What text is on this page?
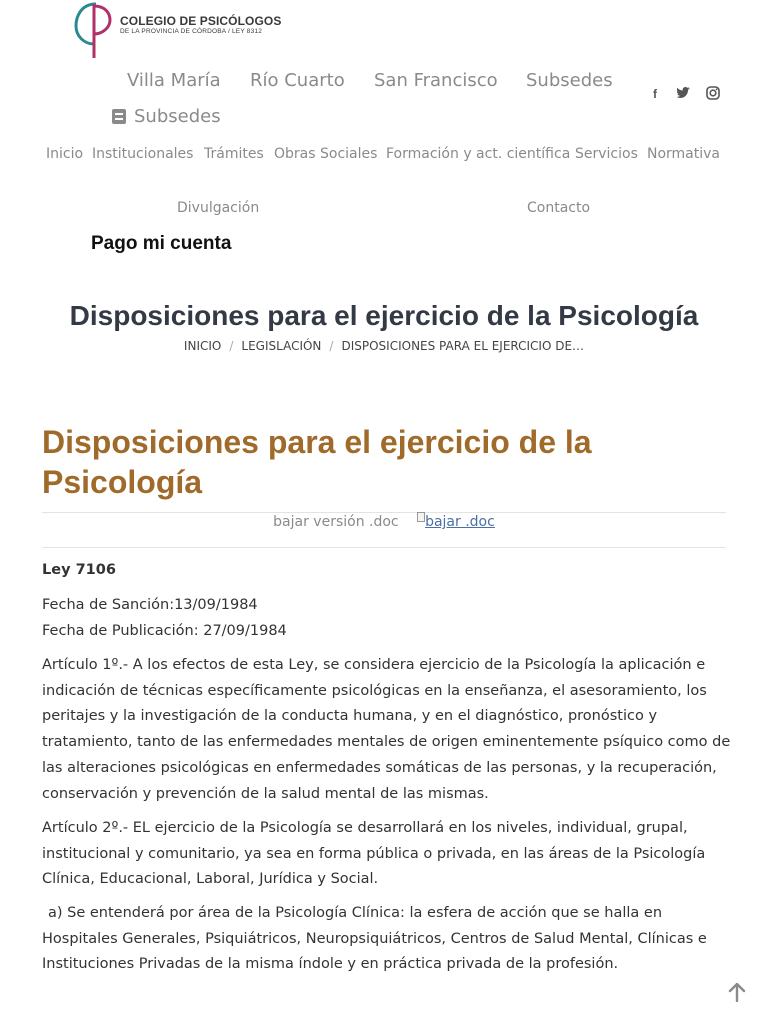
COLEGIO DE PSICÓLOGOS
DE LA PROVINCIA DE CÓRDOBA / LEY 8312
Villa María Río Cuarto San Francisco Subsedes
f
Subsedes
Inicio Institucionales Trámites Obras Sociales Formación y act. científica Servicios Normativa
Divulgación	Contacto
Pago mi cuenta
Disposiciones para el ejercicio de la Psicología
INICIO / LEGISLACIÓN / DISPOSICIONES PARA EL EJERCICIO DE…
Disposiciones para el ejercicio de la Psicología
bajar versión .doc bajar .doc
Ley 7106

Fecha de Sanción:13/09/1984

Fecha de Publicación: 27/09/1984

Artículo 1º.- A los efectos de esta Ley, se considera ejercicio de la Psicología la aplicación e indicación de técnicas específicamente psicológicas en la enseñanza, el asesoramiento, los peritajes y la investigación de la conducta humana, y en el diagnóstico, pronóstico y tratamiento, tanto de las enfermedades mentales de origen eminentemente psíquico como de las alteraciones psicológicas en enfermedades somáticas de las personas, y la recuperación, conservación y prevención de la salud mental de las mismas.

Artículo 2º.- EL ejercicio de la Psicología se desarrollará en los niveles, individual, grupal, institucional y comunitario, ya sea en forma pública o privada, en las áreas de la Psicología Clínica, Educacional, Laboral, Jurídica y Social.

a) Se entenderá por área de la Psicología Clínica: la esfera de acción que se halla en Hospitales Generales, Psiquiátricos, Neuropsiquiátricos, Centros de Salud Mental, Clínicas e Instituciones Privadas de la misma índole y en práctica privada de la profesión.
